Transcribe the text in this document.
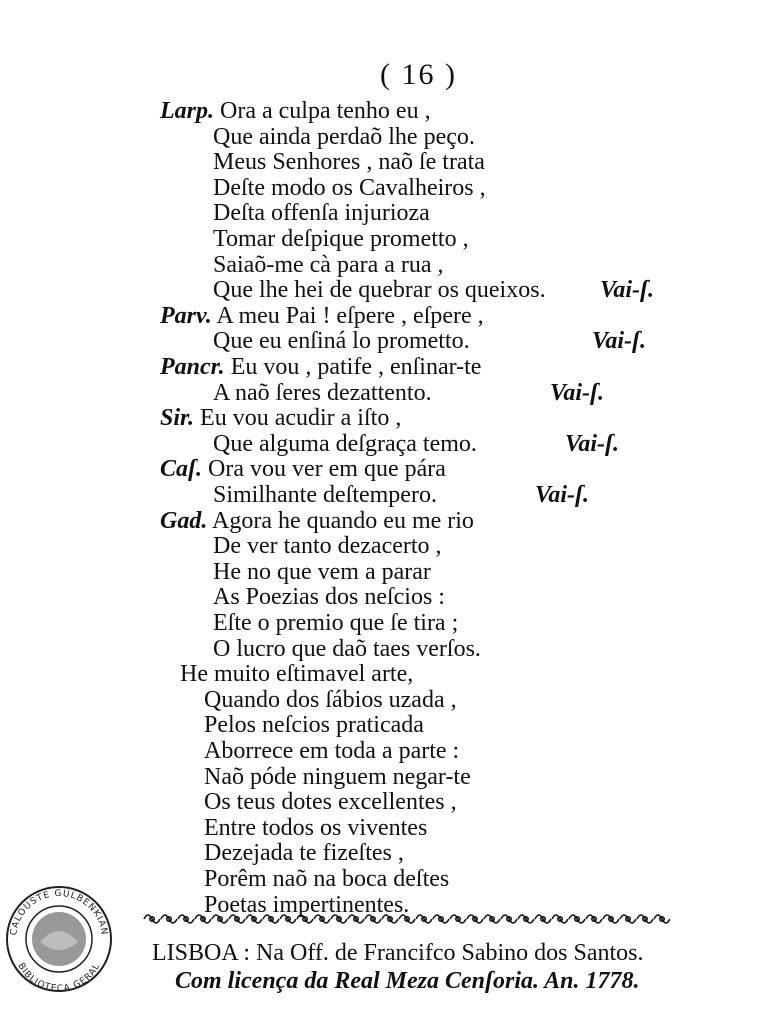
( 16 )
Larp. Ora a culpa tenho eu ,
Que ainda perdaõ lhe peço.
Meus Senhores , naõ ſe trata
Deſte modo os Cavalheiros ,
Deſta offenſa injurioza
Tomar deſpique prometto ,
Saiaõ-me cà para a rua ,
Que lhe hei de quebrar os queixos. Vai-ſ.
Parv. A meu Pai ! eſpere , eſpere ,
Que eu enſiná lo prometto.	Vai-ſ.
Pancr. Eu vou , patife , enſinar-te
A naõ ſeres dezattento.	Vai-ſ.
Sir. Eu vou acudir a iſto ,
Que alguma deſgraça temo.	Vai-ſ.
Caſ. Ora vou ver em que pára
Similhante deſtempero.	Vai-ſ.
Gad. Agora he quando eu me rio
De ver tanto dezacerto ,
He no que vem a parar
As Poezias dos neſcios :
Eſte o premio que ſe tira ;
O lucro que daõ taes verſos.
He muito eſtimavel arte,
Quando dos ſábios uzada ,
Pelos neſcios praticada
Aborrece em toda a parte :
Naõ póde ninguem negar-te
Os teus dotes excellentes ,
Entre todos os viventes
Dezejada te fizeſtes ,
Porêm naõ na boca deſtes
Poetas impertinentes.
LISBOA : Na Off. de Francifco Sabino dos Santos.
Com licença da Real Meza Cenſoria. An. 1778.
CALOUSTE GULBENKIAN
BIBLIOTECA GERAL
